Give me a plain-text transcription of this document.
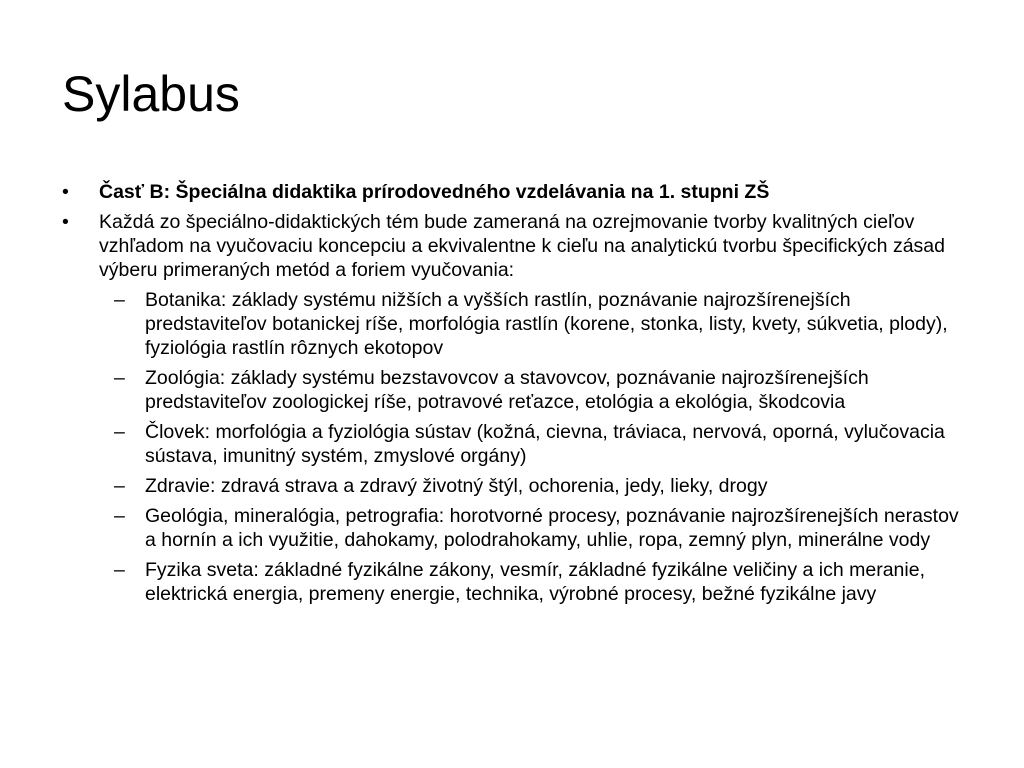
Sylabus
•	Časť B: Špeciálna didaktika prírodovedného vzdelávania na 1. stupni ZŠ
•	Každá zo špeciálno-didaktických tém bude zameraná na ozrejmovanie tvorby kvalitných cieľov vzhľadom na vyučovaciu koncepciu a ekvivalentne k cieľu na analytickú tvorbu špecifických zásad výberu primeraných metód a foriem vyučovania:
–	Botanika: základy systému nižších a vyšších rastlín, poznávanie najrozšírenejších predstaviteľov botanickej ríše, morfológia rastlín (korene, stonka, listy, kvety, súkvetia, plody), fyziológia rastlín rôznych ekotopov
–	Zoológia: základy systému bezstavovcov a stavovcov, poznávanie najrozšírenejších predstaviteľov zoologickej ríše, potravové reťazce, etológia a ekológia, škodcovia
–	Človek: morfológia a fyziológia sústav (kožná, cievna, tráviaca, nervová, oporná, vylučovacia sústava, imunitný systém, zmyslové orgány)
–	Zdravie: zdravá strava a zdravý životný štýl, ochorenia, jedy, lieky, drogy
–	Geológia, mineralógia, petrografia: horotvorné procesy, poznávanie najrozšírenejších nerastov a hornín a ich využitie, dahokamy, polodrahokamy, uhlie, ropa, zemný plyn, minerálne vody
–	Fyzika sveta: základné fyzikálne zákony, vesmír, základné fyzikálne veličiny a ich meranie, elektrická energia, premeny energie, technika, výrobné procesy, bežné fyzikálne javy
